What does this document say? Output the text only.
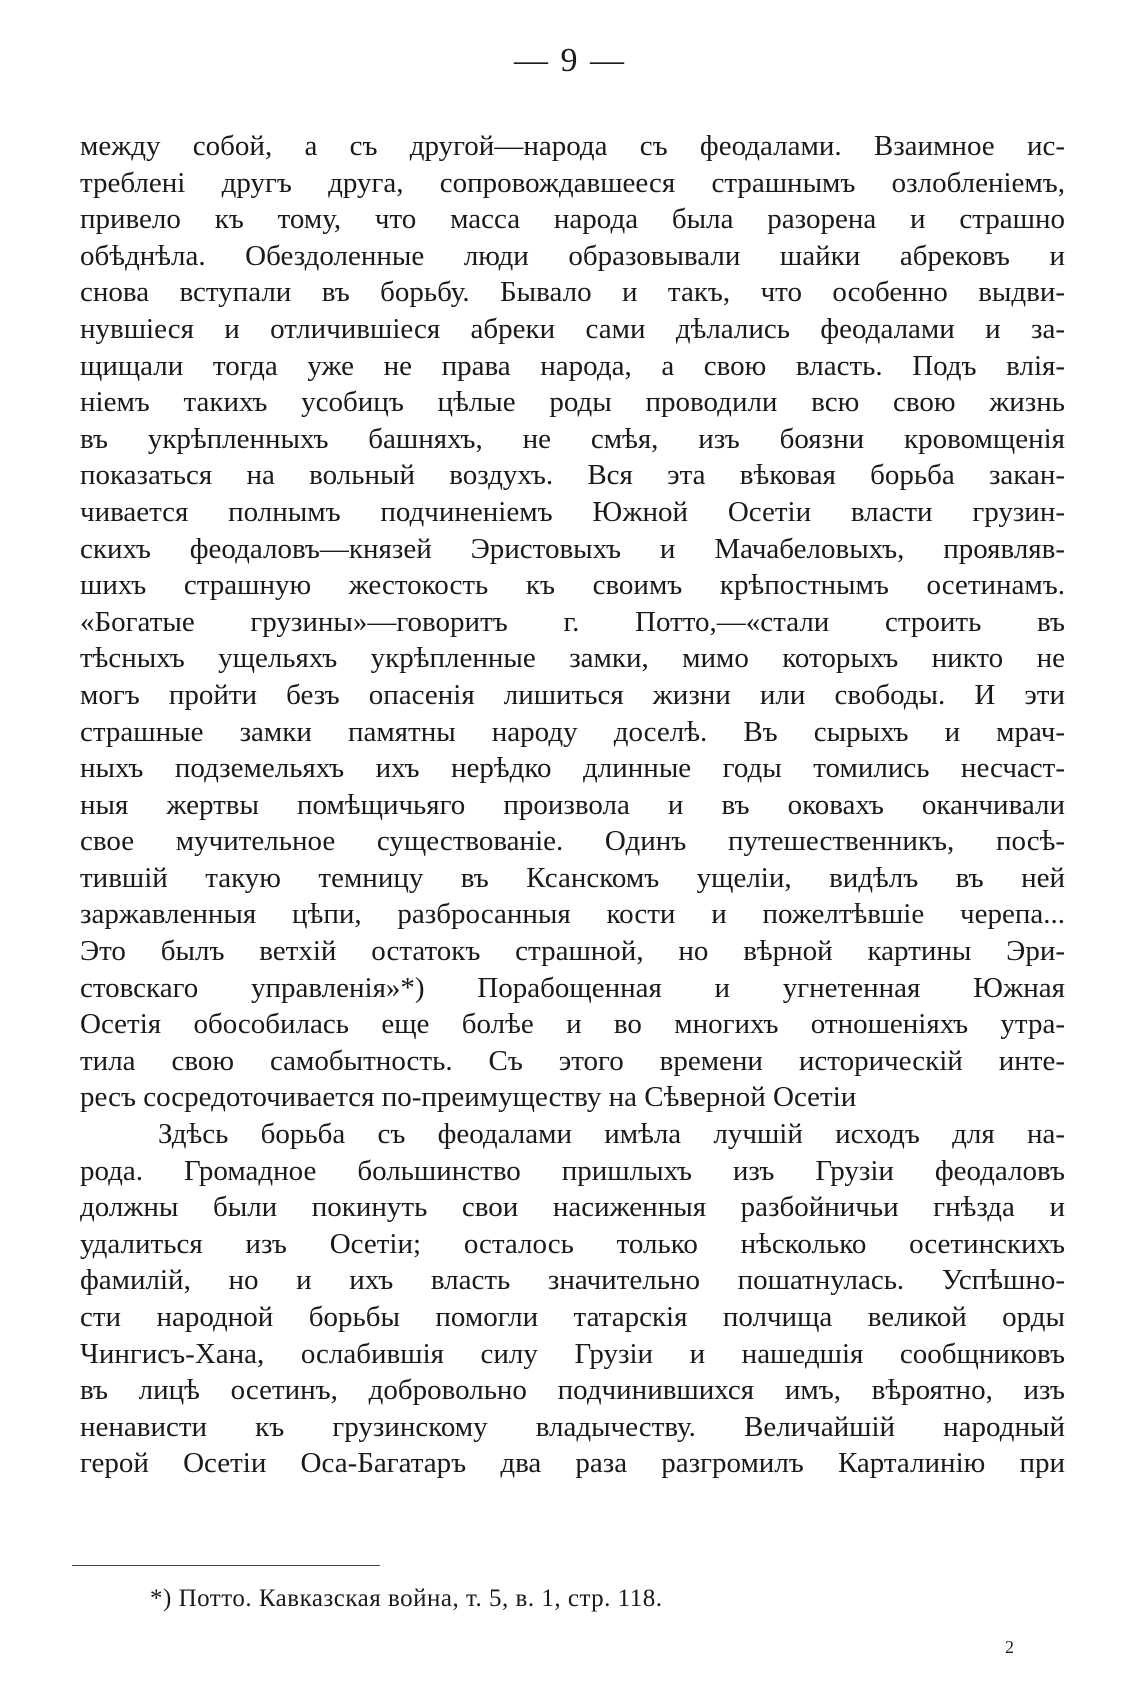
— 9 —
между собой, а съ другой—народа съ феодалами. Взаимное ис-
треблені другъ друга, сопровождавшееся страшнымъ озлобленіемъ,
привело къ тому, что масса народа была разорена и страшно
обѣднѣла. Обездоленные люди образовывали шайки абрековъ и
снова вступали въ борьбу. Бывало и такъ, что особенно выдви-
нувшіеся и отличившіеся абреки сами дѣлались феодалами и за-
щищали тогда уже не права народа, а свою власть. Подъ влія-
ніемъ такихъ усобицъ цѣлые роды проводили всю свою жизнь
въ укрѣпленныхъ башняхъ, не смѣя, изъ боязни кровомщенія
показаться на вольный воздухъ. Вся эта вѣковая борьба закан-
чивается полнымъ подчиненіемъ Южной Осетіи власти грузин-
скихъ феодаловъ—князей Эристовыхъ и Мачабеловыхъ, проявляв-
шихъ страшную жестокость къ своимъ крѣпостнымъ осетинамъ.
«Богатые грузины»—говоритъ г. Потто,—«стали строить въ
тѣсныхъ ущельяхъ укрѣпленные замки, мимо которыхъ никто не
могъ пройти безъ опасенія лишиться жизни или свободы. И эти
страшные замки памятны народу доселѣ. Въ сырыхъ и мрач-
ныхъ подземельяхъ ихъ нерѣдко длинные годы томились несчаст-
ныя жертвы помѣщичьяго произвола и въ оковахъ оканчивали
свое мучительное существованіе. Одинъ путешественникъ, посѣ-
тившій такую темницу въ Ксанскомъ ущеліи, видѣлъ въ ней
заржавленныя цѣпи, разбросанныя кости и пожелтѣвшіе черепа...
Это былъ ветхій остатокъ страшной, но вѣрной картины Эри-
стовскаго управленія»*) Порабощенная и угнетенная Южная
Осетія обособилась еще болѣе и во многихъ отношеніяхъ утра-
тила свою самобытность. Съ этого времени историческій инте-
ресъ сосредоточивается по-преимуществу на Сѣверной Осетіи
Здѣсь борьба съ феодалами имѣла лучшій исходъ для на-
рода. Громадное большинство пришлыхъ изъ Грузіи феодаловъ
должны были покинуть свои насиженныя разбойничьи гнѣзда и
удалиться изъ Осетіи; осталось только нѣсколько осетинскихъ
фамилій, но и ихъ власть значительно пошатнулась. Успѣшно-
сти народной борьбы помогли татарскія полчища великой орды
Чингисъ-Хана, ослабившія силу Грузіи и нашедшія сообщниковъ
въ лицѣ осетинъ, добровольно подчинившихся имъ, вѣроятно, изъ
ненависти къ грузинскому владычеству. Величайшій народный
герой Осетіи Оса-Багатаръ два раза разгромилъ Карталинію при
*) Потто. Кавказская война, т. 5, в. 1, стр. 118.
2
